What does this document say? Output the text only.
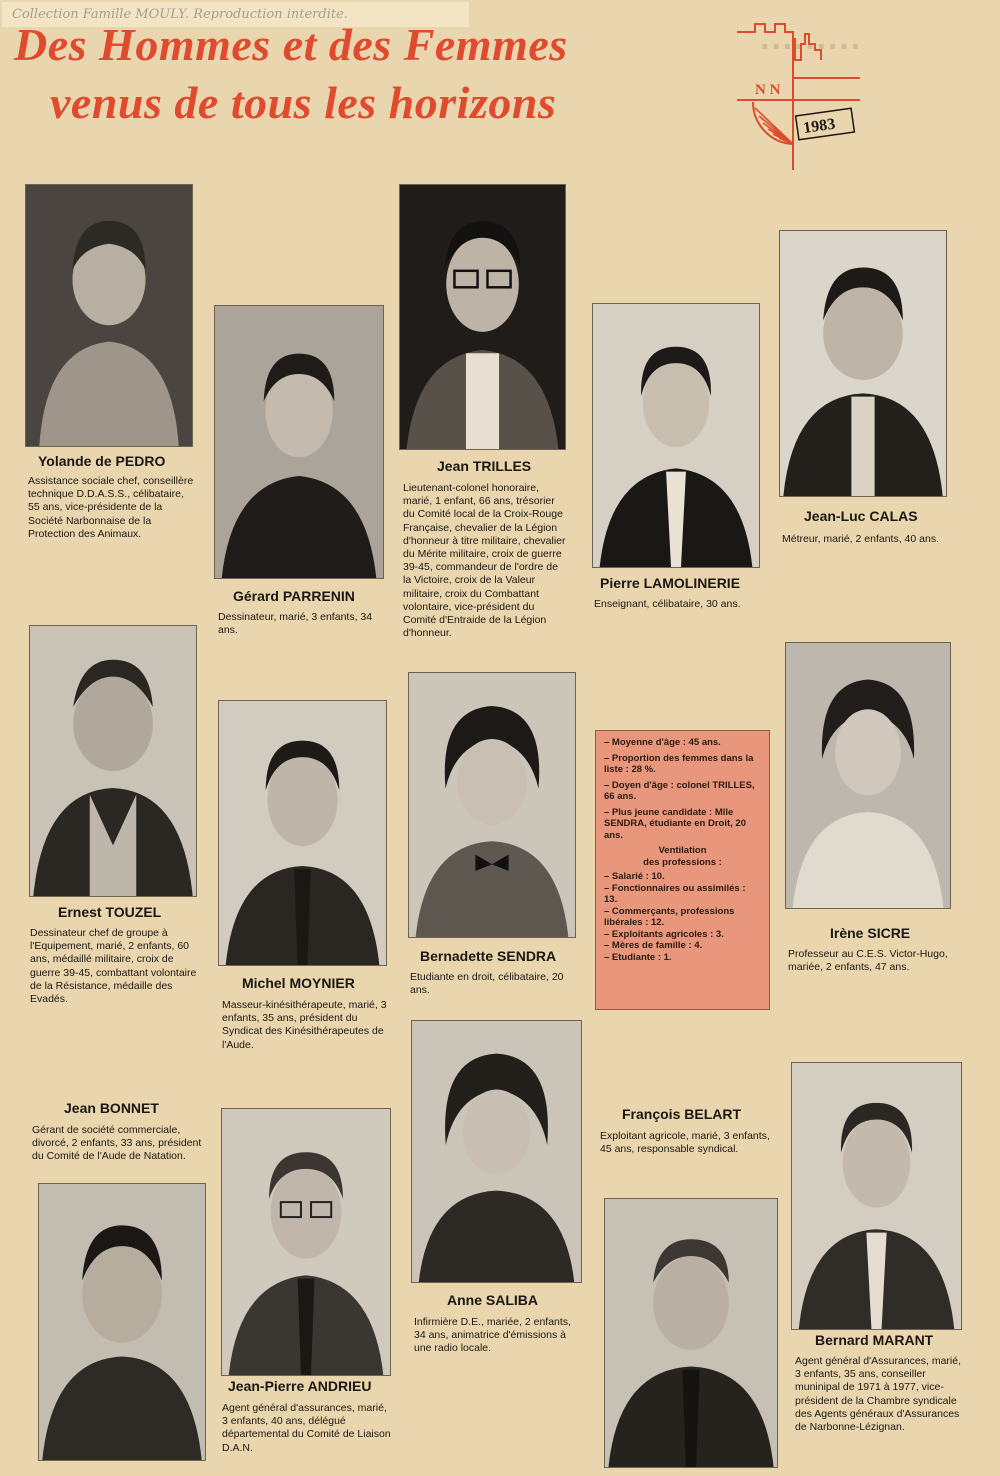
·········
Collection Famille MOULY. Reproduction interdite.
Des Hommes et des Femmes
venus de tous les horizons	N N
1983
Yolande de PEDRO
Assistance sociale chef, conseillère technique D.D.A.S.S., célibataire, 55 ans, vice-présidente de la Société Narbonnaise de la Protection des Animaux.
Gérard PARRENIN
Dessinateur, marié, 3 enfants, 34 ans.
Jean TRILLES
Lieutenant-colonel honoraire, marié, 1 enfant, 66 ans, trésorier du Comité local de la Croix-Rouge Française, chevalier de la Légion d'honneur à titre militaire, chevalier du Mérite militaire, croix de guerre 39-45, commandeur de l'ordre de la Victoire, croix de la Valeur militaire, croix du Combattant volontaire, vice-président du Comité d'Entraide de la Légion d'honneur.
Pierre LAMOLINERIE
Enseignant, célibataire, 30 ans.
Jean-Luc CALAS
Métreur, marié, 2 enfants, 40 ans.
Ernest TOUZEL
Dessinateur chef de groupe à l'Equipement, marié, 2 enfants, 60 ans, médaillé militaire, croix de guerre 39-45, combattant volontaire de la Résistance, médaille des Evadés.
Michel MOYNIER
Masseur-kinésithérapeute, marié, 3 enfants, 35 ans, président du Syndicat des Kinésithérapeutes de l'Aude.
Bernadette SENDRA
Etudiante en droit, célibataire, 20 ans.
– Moyenne d'âge : 45 ans.
– Proportion des femmes dans la liste : 28 %.
– Doyen d'âge : colonel TRILLES, 66 ans.
– Plus jeune candidate : Mlle SENDRA, étudiante en Droit, 20 ans.
Ventilation
des professions :
– Salarié : 10.
– Fonctionnaires ou assimilés : 13.
– Commerçants, professions libérales : 12.
– Exploitants agricoles : 3.
– Mères de famille : 4.
– Etudiante : 1.
Irène SICRE
Professeur au C.E.S. Victor-Hugo, mariée, 2 enfants, 47 ans.
Jean BONNET
Gérant de société commerciale, divorcé, 2 enfants, 33 ans, président du Comité de l'Aude de Natation.
Jean-Pierre ANDRIEU
Agent général d'assurances, marié, 3 enfants, 40 ans, délégué départemental du Comité de Liaison D.A.N.
Anne SALIBA
Infirmière D.E., mariée, 2 enfants, 34 ans, animatrice d'émissions à une radio locale.
François BELART
Exploitant agricole, marié, 3 enfants, 45 ans, responsable syndical.
Bernard MARANT
Agent général d'Assurances, marié, 3 enfants, 35 ans, conseiller muninipal de 1971 à 1977, vice-président de la Chambre syndicale des Agents généraux d'Assurances de Narbonne-Lézignan.
